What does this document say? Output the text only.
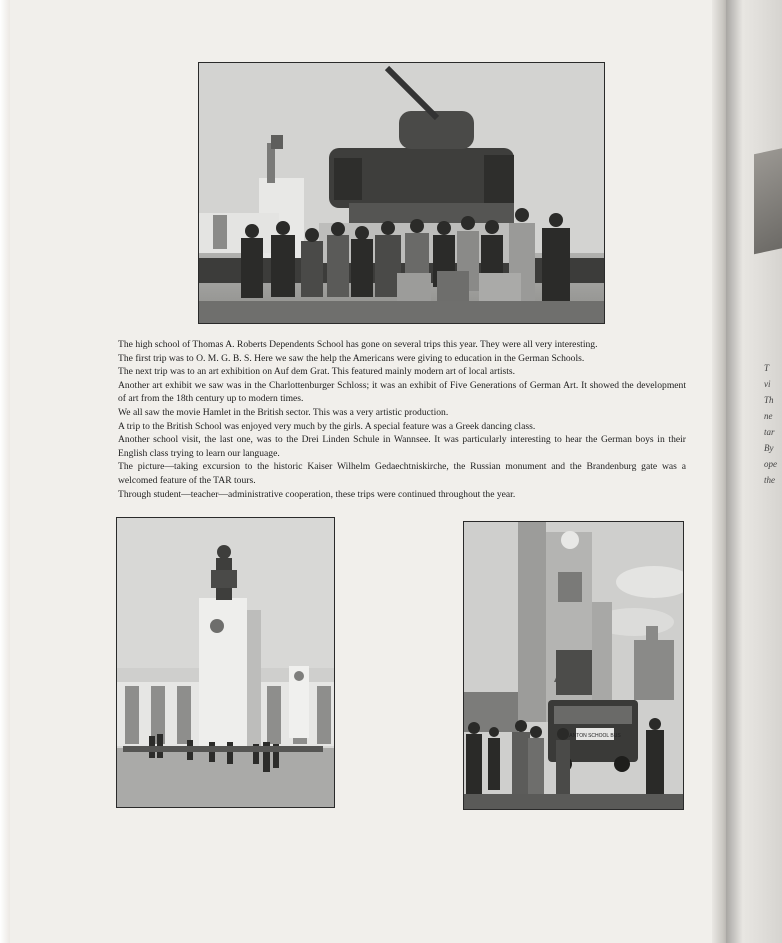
T
vi
Th
ne
tar
By
ope
the

The high school of Thomas A. Roberts Dependents School has gone on several trips this year. They were all very interesting.

The first trip was to O. M. G. B. S. Here we saw the help the Americans were giving to education in the German Schools.

The next trip was to an art exhibition on Auf dem Grat. This featured mainly modern art of local artists.

Another art exhibit we saw was in the Charlottenburger Schloss; it was an exhibit of Five Generations of German Art. It showed the development of art from the 18th century up to modern times.

We all saw the movie Hamlet in the British sector. This was a very artistic production.

A trip to the British School was enjoyed very much by the girls. A special feature was a Greek dancing class.

Another school visit, the last one, was to the Drei Linden Schule in Wannsee. It was particularly interesting to hear the German boys in their English class trying to learn our language.

The picture—taking excursion to the historic Kaiser Wilhelm Gedaechtniskirche, the Russian monument and the Brandenburg gate was a welcomed feature of the TAR tours.

Through student—teacher—administrative cooperation, these trips were continued throughout the year.

ANTON SCHOOL BUS
